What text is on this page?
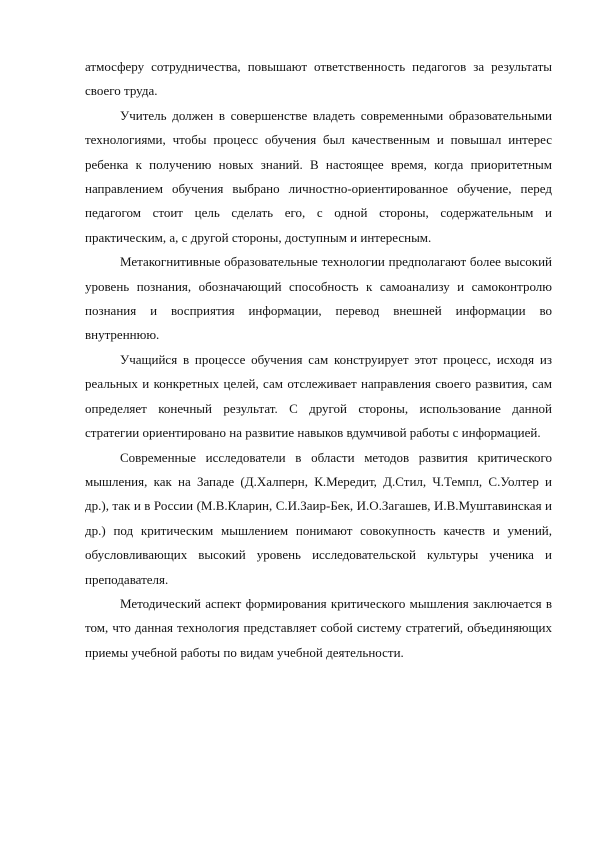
атмосферу сотрудничества, повышают ответственность педагогов за результаты своего труда.

Учитель должен в совершенстве владеть современными образовательными технологиями, чтобы процесс обучения был качественным и повышал интерес ребенка к получению новых знаний. В настоящее время, когда приоритетным направлением обучения выбрано личностно-ориентированное обучение, перед педагогом стоит цель сделать его, с одной стороны, содержательным и практическим, а, с другой стороны, доступным и интересным.

Метакогнитивные образовательные технологии предполагают более высокий уровень познания, обозначающий способность к самоанализу и самоконтролю познания и восприятия информации, перевод внешней информации во внутреннюю.

Учащийся в процессе обучения сам конструирует этот процесс, исходя из реальных и конкретных целей, сам отслеживает направления своего развития, сам определяет конечный результат. С другой стороны, использование данной стратегии ориентировано на развитие навыков вдумчивой работы с информацией.

Современные исследователи в области методов развития критического мышления, как на Западе (Д.Халперн, К.Мередит, Д.Стил, Ч.Темпл, С.Уолтер и др.), так и в России (М.В.Кларин, С.И.Заир-Бек, И.О.Загашев, И.В.Муштавинская и др.) под критическим мышлением понимают совокупность качеств и умений, обусловливающих высокий уровень исследовательской культуры ученика и преподавателя.

Методический аспект формирования критического мышления заключается в том, что данная технология представляет собой систему стратегий, объединяющих приемы учебной работы по видам учебной деятельности.
